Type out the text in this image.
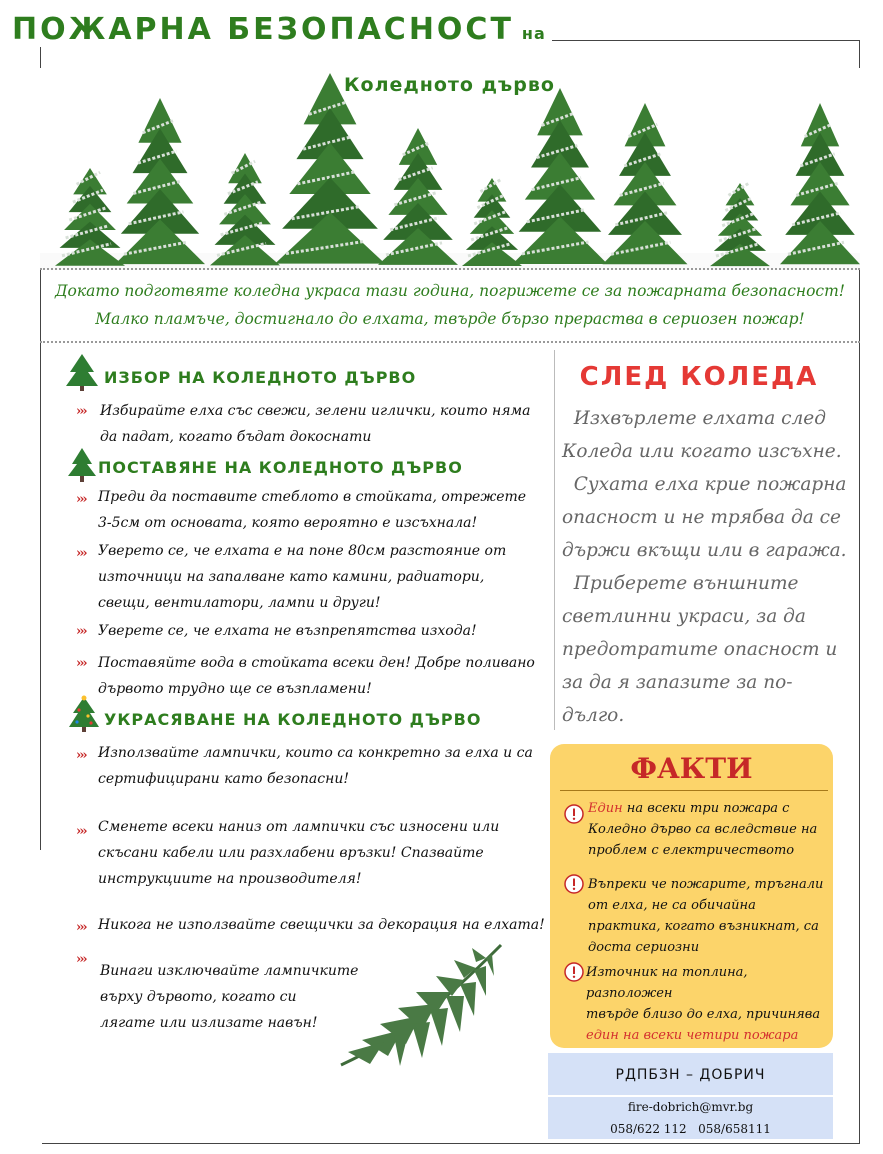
ПОЖАРНА БЕЗОПАСНОСТ на
Коледното дърво
Докато подготвяте коледна украса тази година, погрижете се за пожарната безопасност!
Малко пламъче, достигнало до елхата, твърде бързо прераства в сериозен пожар!
ИЗБОР НА КОЛЕДНОТО ДЪРВО
››› Избирайте елха със свежи, зелени иглички, които няма
да падат, когато бъдат докоснати
ПОСТАВЯНЕ НА КОЛЕДНОТО ДЪРВО
››› Преди да поставите стеблото в стойката, отрежете
3-5см от основата, която вероятно е изсъхнала!
››› Уверето се, че елхата е на поне 80см разстояние от
източници на запалване като камини, радиатори,
свещи, вентилатори, лампи и други!
››› Уверете се, че елхата не възпрепятства изхода!
››› Поставяйте вода в стойката всеки ден! Добре поливано
дървото трудно ще се възпламени!
УКРАСЯВАНЕ НА КОЛЕДНОТО ДЪРВО
››› Използвайте лампички, които са конкретно за елха и са
сертифицирани като безопасни!
››› Сменете всеки наниз от лампички със износени или
скъсани кабели или разхлабени връзки! Спазвайте
инструкциите на производителя!
››› Никога не използвайте свещички за декорация на елхата!
›››
Винаги изключвайте лампичките
върху дървото, когато си
лягате или излизате навън!
СЛЕД КОЛЕДА
Изхвърлете елхата след
Коледа или когато изсъхне.
Сухата елха крие пожарна
опасност и не трябва да се
държи вкъщи или в гаража.
Приберете външните
светлинни украси, за да
предотратите опасност и
за да я запазите за по-
дълго.
ФАКТИ
Един на всеки три пожара с
Коледно дърво са вследствие на
проблем с електричеството
Въпреки че пожарите, тръгнали
от елха, не са обичайна
практика, когато възникнат, са
доста сериозни
Източник на топлина, разположен
твърде близо до елха, причинява
един на всеки четири пожара
РДПБЗН – ДОБРИЧ
fire-dobrich@mvr.bg
058/622 112   058/658111
